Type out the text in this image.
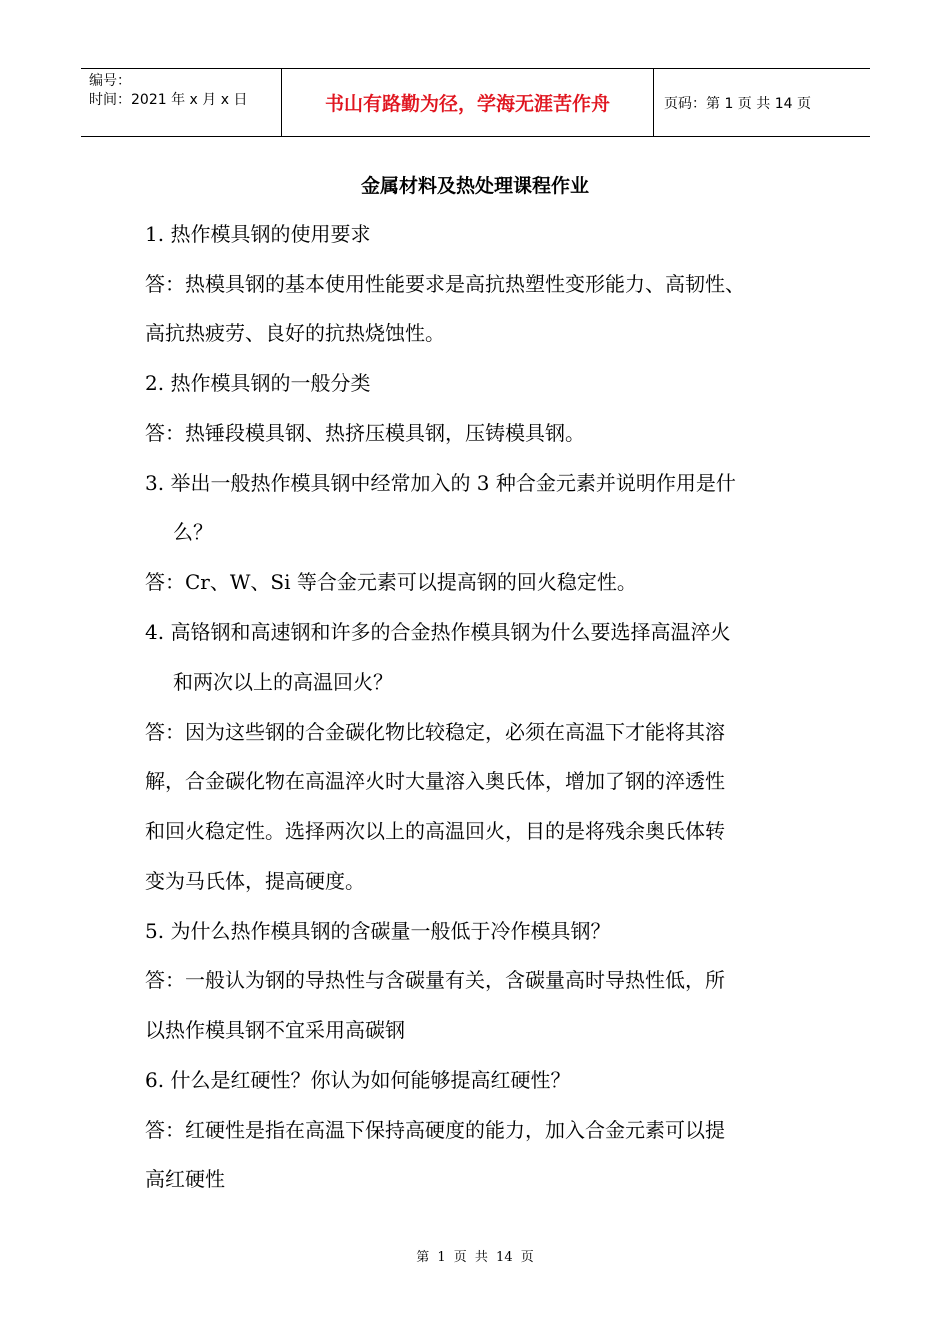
编号：
时间：2021 年 x 月 x 日	书山有路勤为径，学海无涯苦作舟	页码：第 1 页 共 14 页
金属材料及热处理课程作业
1. 热作模具钢的使用要求
答：热模具钢的基本使用性能要求是高抗热塑性变形能力、高韧性、
高抗热疲劳、良好的抗热烧蚀性。
2. 热作模具钢的一般分类
答：热锤段模具钢、热挤压模具钢，压铸模具钢。
3. 举出一般热作模具钢中经常加入的 3 种合金元素并说明作用是什
么？
答：Cr、W、Si 等合金元素可以提高钢的回火稳定性。
4. 高铬钢和高速钢和许多的合金热作模具钢为什么要选择高温淬火
和两次以上的高温回火？
答：因为这些钢的合金碳化物比较稳定，必须在高温下才能将其溶
解，合金碳化物在高温淬火时大量溶入奥氏体，增加了钢的淬透性
和回火稳定性。选择两次以上的高温回火，目的是将残余奥氏体转
变为马氏体，提高硬度。
5. 为什么热作模具钢的含碳量一般低于冷作模具钢？
答：一般认为钢的导热性与含碳量有关，含碳量高时导热性低，所
以热作模具钢不宜采用高碳钢
6. 什么是红硬性？你认为如何能够提高红硬性？
答：红硬性是指在高温下保持高硬度的能力，加入合金元素可以提
高红硬性
第 1 页 共 14 页
